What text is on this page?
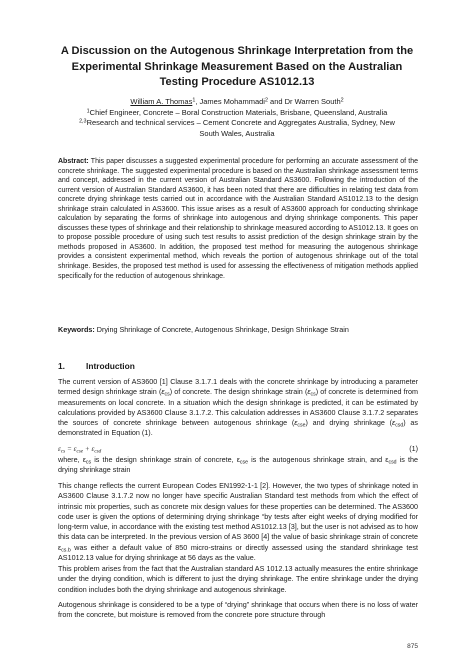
A Discussion on the Autogenous Shrinkage Interpretation from the
Experimental Shrinkage Measurement Based on the Australian
Testing Procedure AS1012.13
William A. Thomas$^1$, James Mohammadi$^2$ and Dr Warren South$^2$
$^1$Chief Engineer, Concrete – Boral Construction Materials, Brisbane, Queensland, Australia
$^{2,3}$Research and technical services – Cement Concrete and Aggregates Australia, Sydney, New
South Wales, Australia

Abstract: This paper discusses a suggested experimental procedure for performing an accurate assessment of the concrete shrinkage. The suggested experimental procedure is based on the Australian shrinkage assessment terms and concept, addressed in the current version of Australian Standard AS3600. Following the introduction of the current version of Australian Standard AS3600, it has been noted that there are difficulties in relating test data from concrete drying shrinkage tests carried out in accordance with the Australian Standard AS1012.13 to the design shrinkage strain calculated in AS3600. This issue arises as a result of AS3600 approach for conducting shrinkage calculation by separating the forms of shrinkage into autogenous and drying shrinkage components. This paper discusses these types of shrinkage and their relationship to shrinkage measured according to AS1012.13. It goes on to propose possible procedure of using such test results to assist prediction of the design shrinkage strain by the methods proposed in AS3600. In addition, the proposed test method for measuring the autogenous shrinkage provides a consistent experimental method, which reveals the portion of autogenous shrinkage out of the total shrinkage. Besides, the proposed test method is used for assessing the effectiveness of mitigation methods applied specifically for the reduction of autogenous shrinkage.

Keywords: Drying Shrinkage of Concrete, Autogenous Shrinkage, Design Shrinkage Strain

1.	Introduction

The current version of AS3600 [1] Clause 3.1.7.1 deals with the concrete shrinkage by introducing a parameter termed design shrinkage strain $(\varepsilon_{cs})$ of concrete. The design shrinkage strain $(\varepsilon_{cs})$ of concrete is determined from measurements on local concrete. In a situation which the design shrinkage is predicted, it can be estimated by calculations provided by AS3600 Clause 3.1.7.2. This calculation addresses in AS3600 Clause 3.1.7.2 separates the sources of concrete shrinkage between autogenous shrinkage $(\varepsilon_{cse})$ and drying shrinkage $(\varepsilon_{csd})$ as demonstrated in Equation (1).

$\varepsilon_{cs} = \varepsilon_{cse} + \varepsilon_{csd}$	(1)

where, $\varepsilon_{cs}$ is the design shrinkage strain of concrete, $\varepsilon_{cse}$ is the autogenous shrinkage strain, and $\varepsilon_{csd}$ is the drying shrinkage strain

This change reflects the current European Codes EN1992-1-1 [2]. However, the two types of shrinkage noted in AS3600 Clause 3.1.7.2 now no longer have specific Australian Standard test methods from which the effect of intrinsic mix properties, such as concrete mix design values for these properties can be determined. The AS3600 code user is given the options of determining drying shrinkage “by tests after eight weeks of drying modified for long-term value, in accordance with the existing test method AS1012.13 [3], but the user is not advised as to how this data can be interpreted. In the previous version of AS 3600 [4] the value of basic shrinkage strain of concrete $\varepsilon_{cs.b}$ was either a default value of 850 micro-strains or directly assessed using the standard shrinkage test AS1012.13 value for drying shrinkage at 56 days as the value.

This problem arises from the fact that the Australian standard AS 1012.13 actually measures the entire shrinkage under the drying condition, which is different to just the drying shrinkage. The entire shrinkage under the drying condition includes both the drying shrinkage and autogenous shrinkage.

Autogenous shrinkage is considered to be a type of “drying” shrinkage that occurs when there is no loss of water from the concrete, but moisture is removed from the concrete pore structure through

875
